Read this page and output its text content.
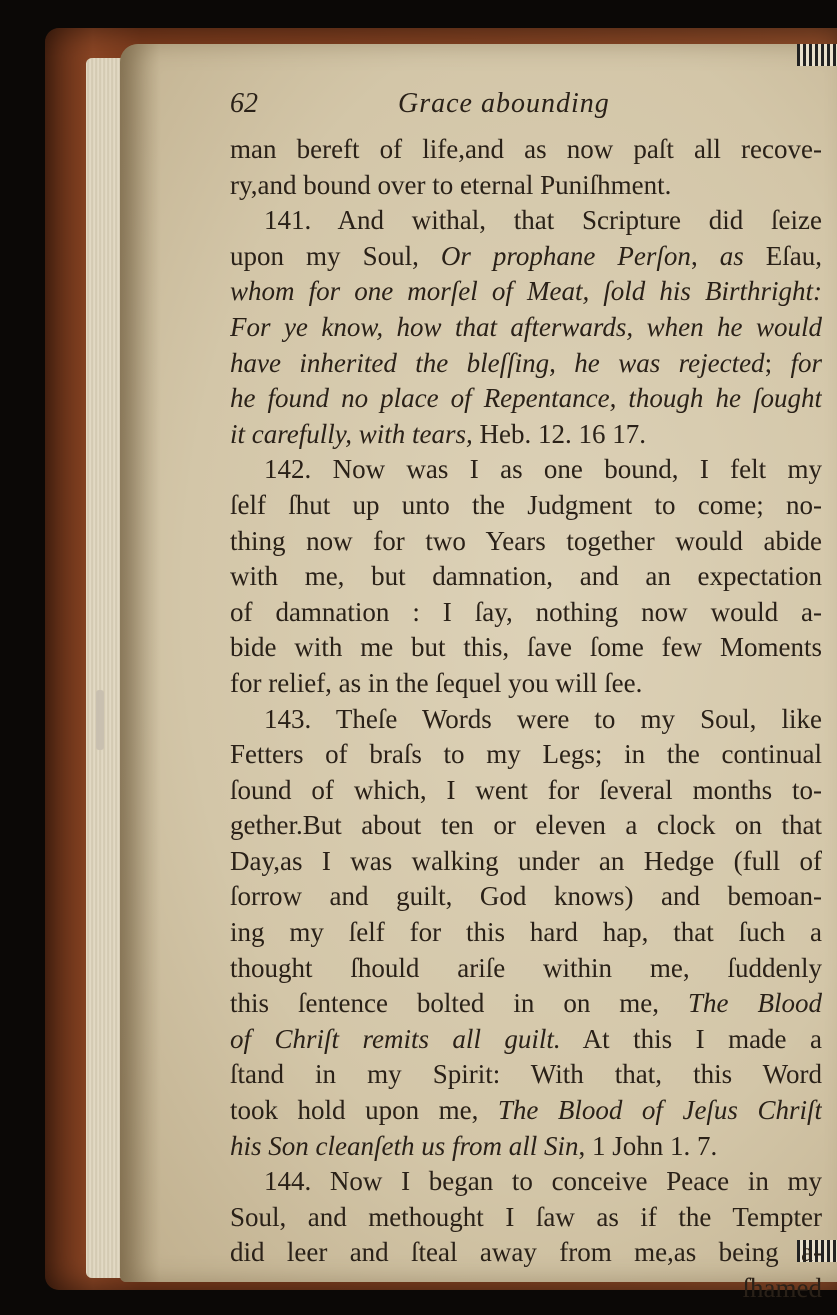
62	Grace abounding
man bereft of life,and as now paſt all recove-
ry,and bound over to eternal Puniſhment.
141. And withal, that Scripture did ſeize
upon my Soul, Or prophane Perſon, as Eſau,
whom for one morſel of Meat, ſold his Birthright:
For ye know, how that afterwards, when he would
have inherited the bleſſing, he was rejected; for
he found no place of Repentance, though he ſought
it carefully, with tears, Heb. 12. 16 17.
142. Now was I as one bound, I felt my
ſelf ſhut up unto the Judgment to come; no-
thing now for two Years together would abide
with me, but damnation, and an expectation
of damnation : I ſay, nothing now would a-
bide with me but this, ſave ſome few Moments
for relief, as in the ſequel you will ſee.
143. Theſe Words were to my Soul, like
Fetters of braſs to my Legs; in the continual
ſound of which, I went for ſeveral months to-
gether.But about ten or eleven a clock on that
Day,as I was walking under an Hedge (full of
ſorrow and guilt, God knows) and bemoan-
ing my ſelf for this hard hap, that ſuch a
thought ſhould ariſe within me, ſuddenly
this ſentence bolted in on me, The Blood
of Chriſt remits all guilt. At this I made a
ſtand in my Spirit: With that, this Word
took hold upon me, The Blood of Jeſus Chriſt
his Son cleanſeth us from all Sin, 1 John 1. 7.
144. Now I began to conceive Peace in my
Soul, and methought I ſaw as if the Tempter
did leer and ſteal away from me,as being a-
ſhamed
